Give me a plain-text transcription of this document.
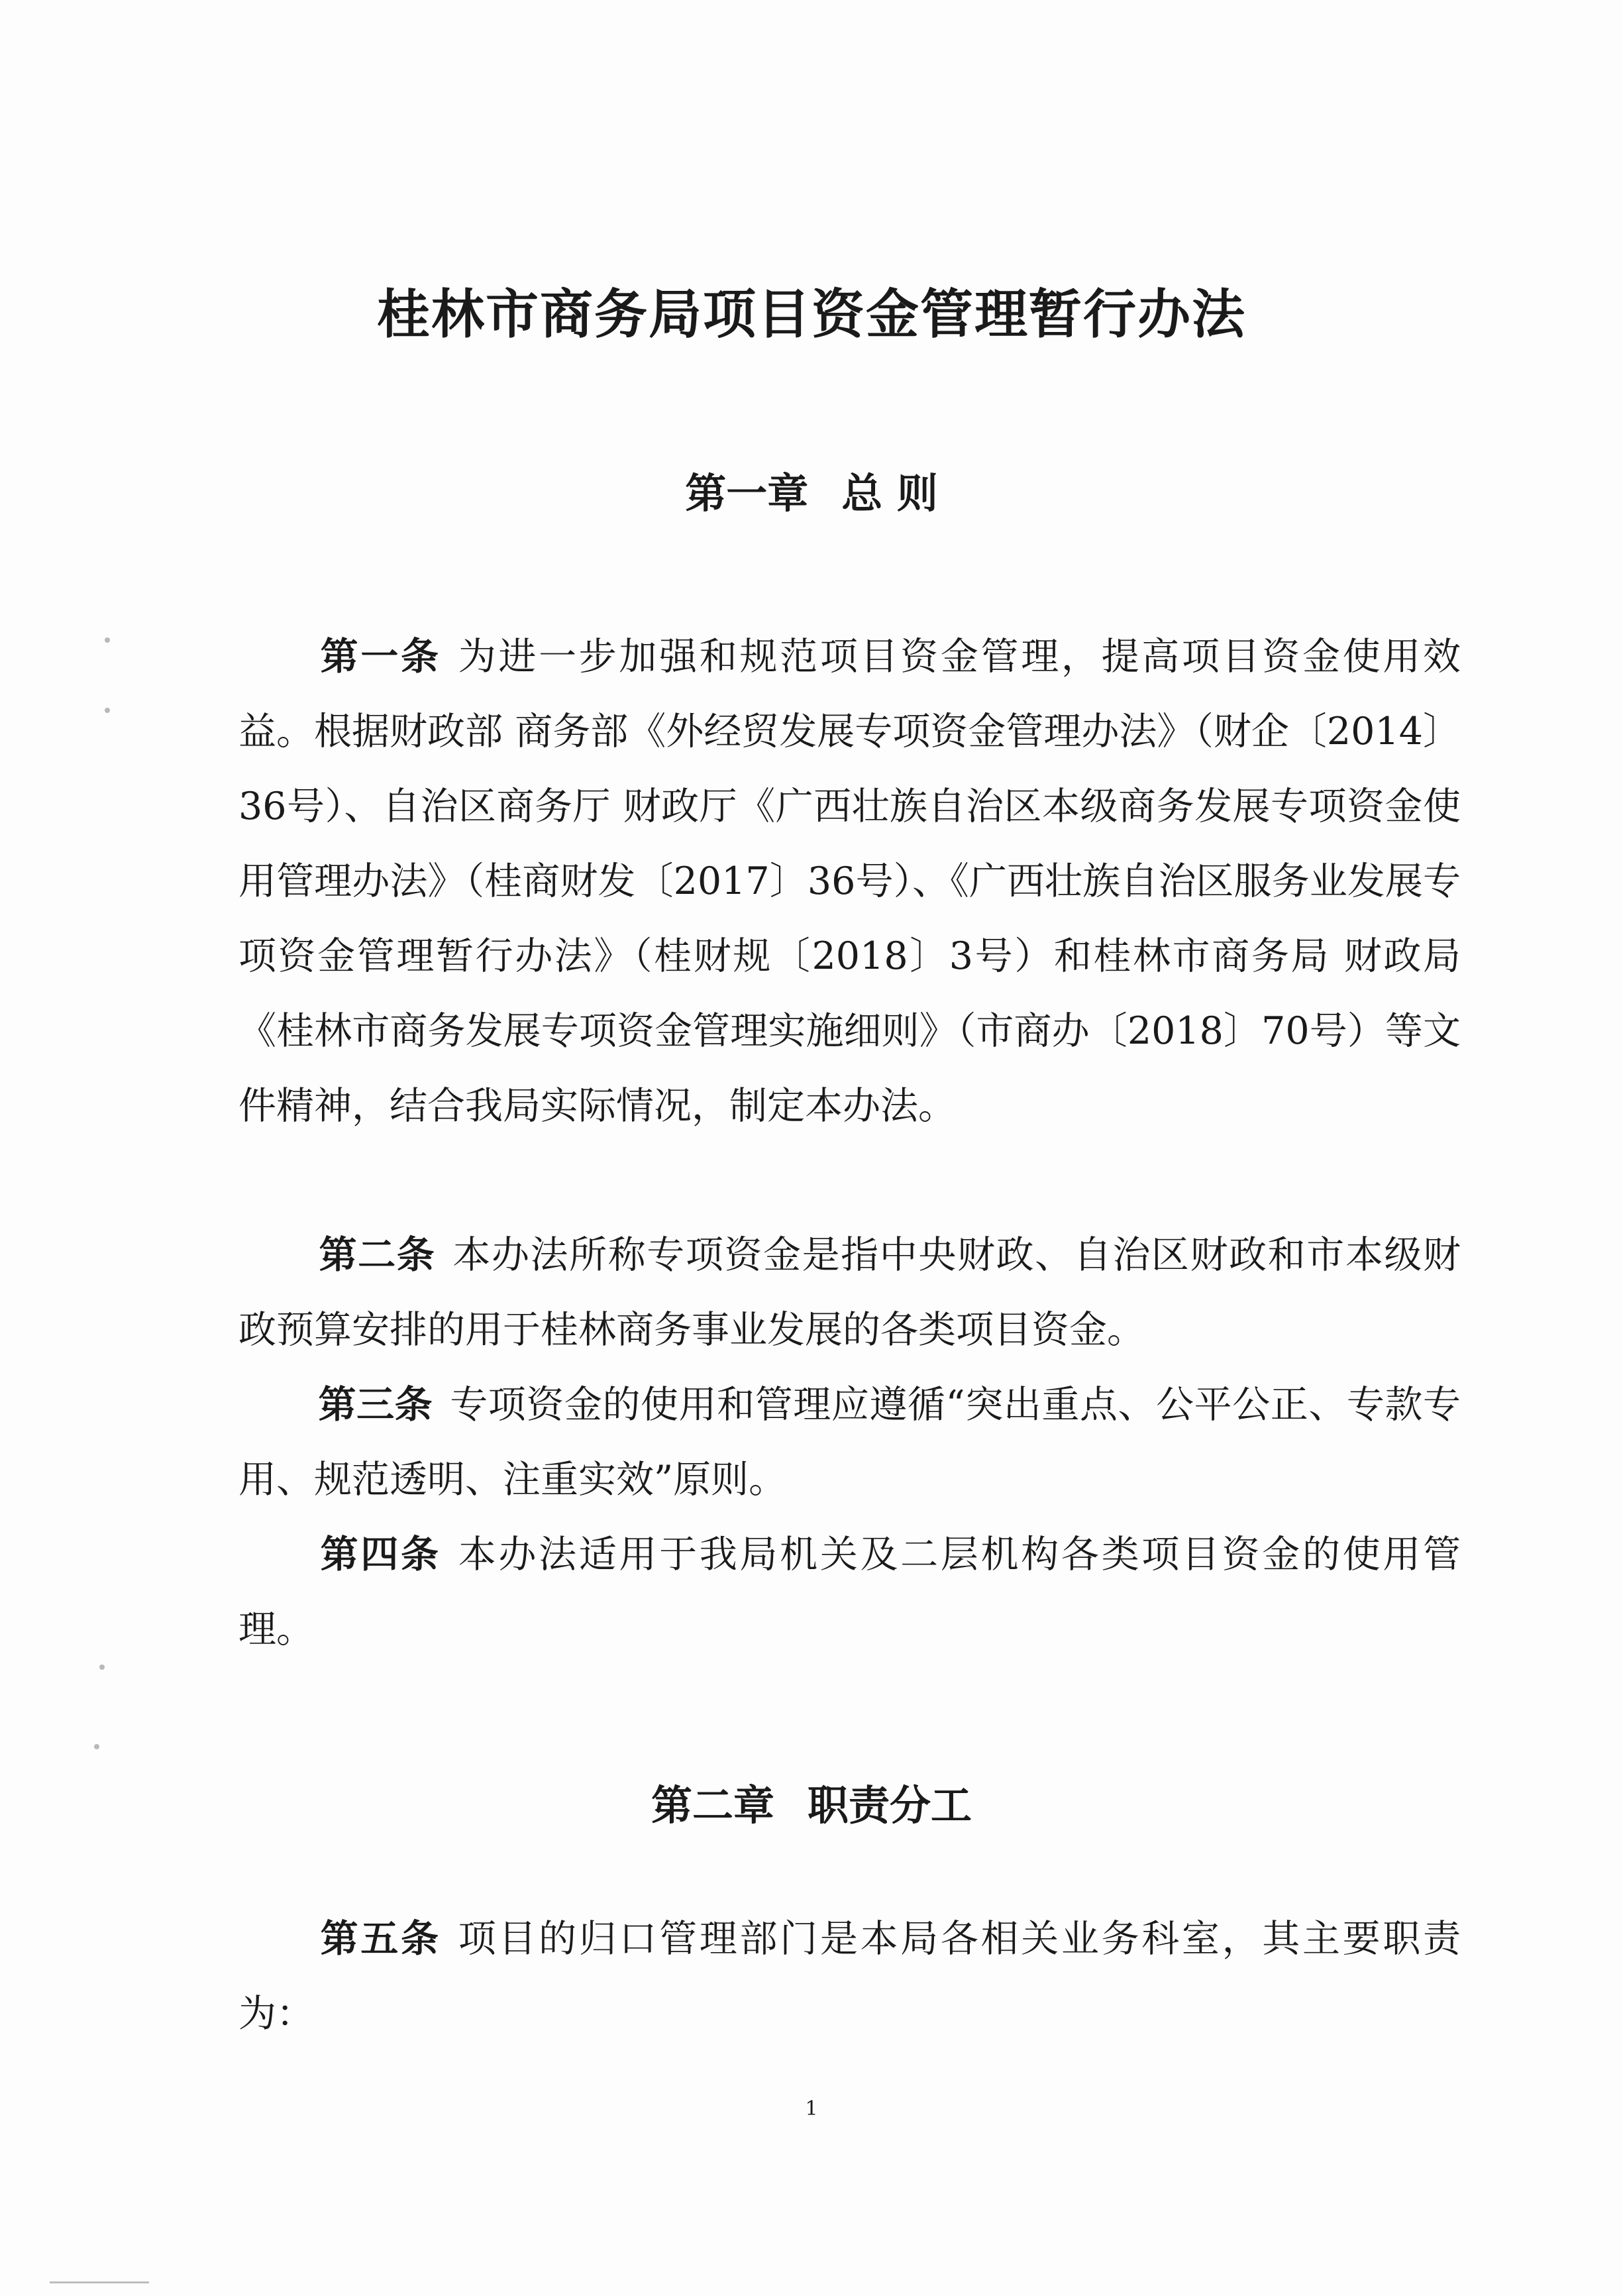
桂林市商务局项目资金管理暂行办法
第一章 总 则
第一条 为进一步加强和规范项目资金管理，提高项目资金使用效益。根据财政部 商务部《外经贸发展专项资金管理办法》（财企〔2014〕36号）、自治区商务厅 财政厅《广西壮族自治区本级商务发展专项资金使用管理办法》（桂商财发〔2017〕36号）、《广西壮族自治区服务业发展专项资金管理暂行办法》（桂财规〔2018〕3号）和桂林市商务局 财政局《桂林市商务发展专项资金管理实施细则》（市商办〔2018〕70号）等文件精神，结合我局实际情况，制定本办法。
第二条 本办法所称专项资金是指中央财政、自治区财政和市本级财政预算安排的用于桂林商务事业发展的各类项目资金。
第三条 专项资金的使用和管理应遵循“突出重点、公平公正、专款专用、规范透明、注重实效”原则。
第四条 本办法适用于我局机关及二层机构各类项目资金的使用管理。
第二章 职责分工
第五条 项目的归口管理部门是本局各相关业务科室，其主要职责为：
1
